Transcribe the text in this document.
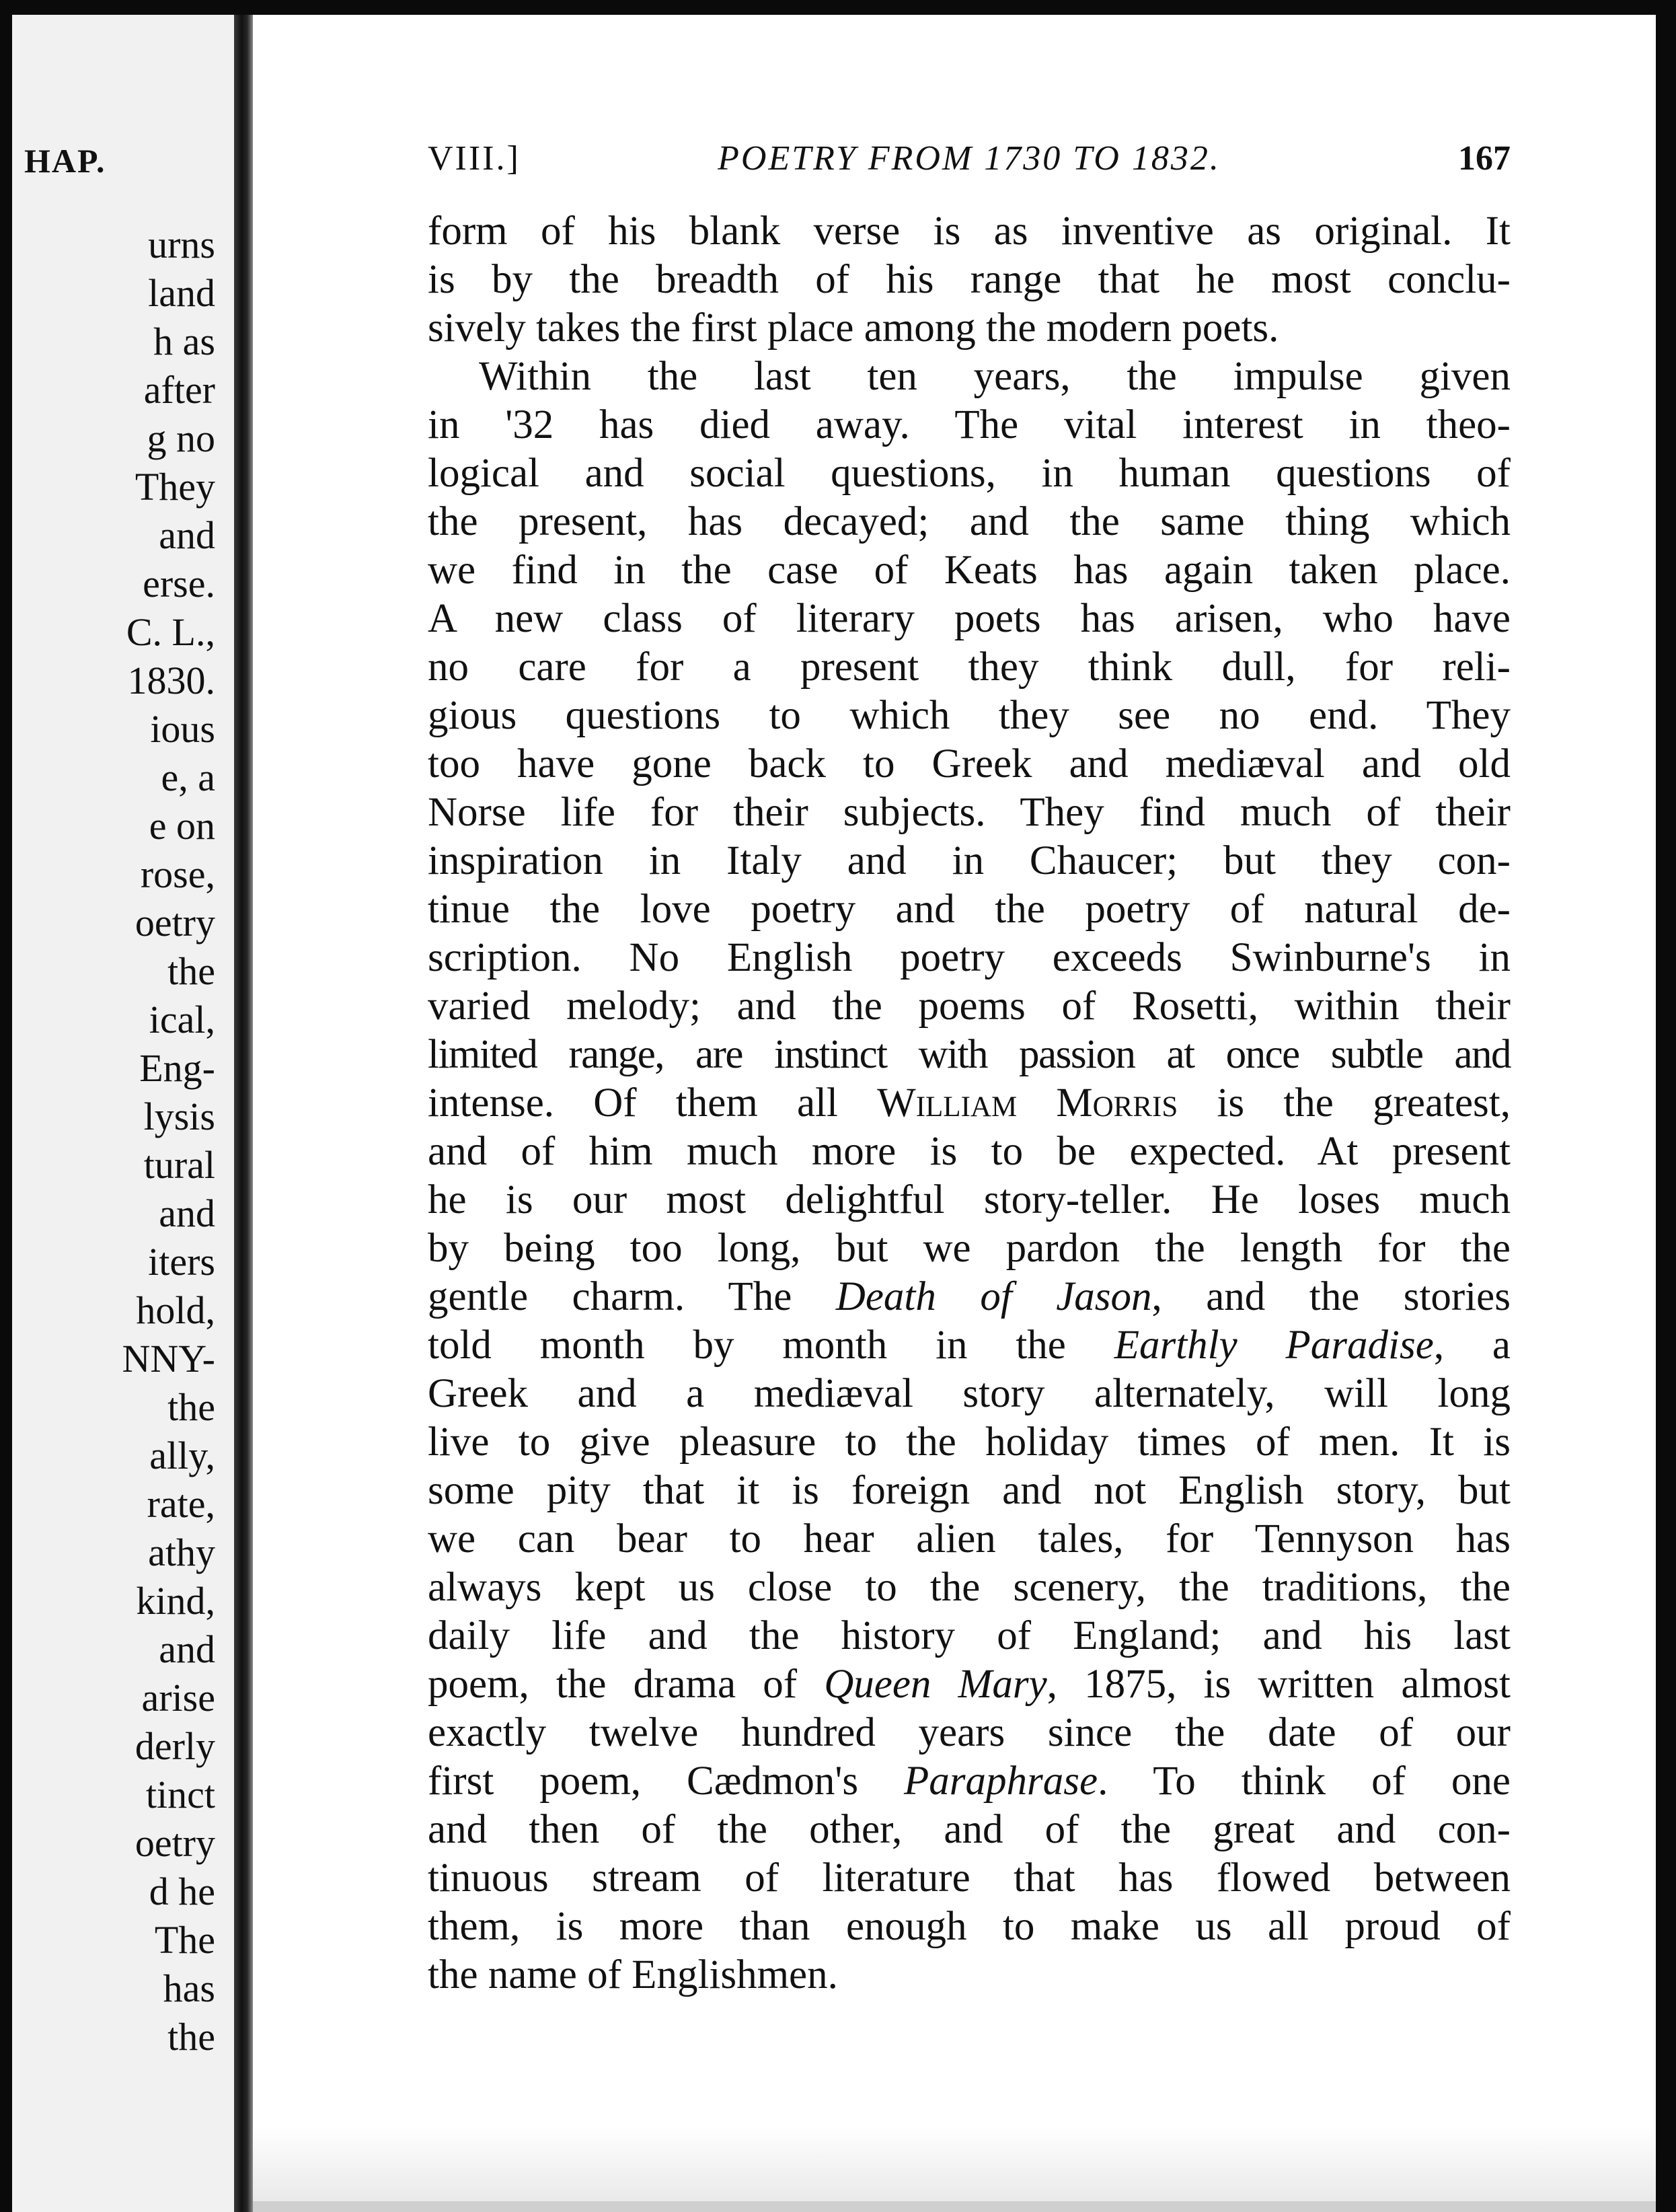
HAP.
urns
land
h as
after
g no
They
and
erse.
C. L.,
1830.
ious
e, a
e on
rose,
oetry
the
ical,
Eng-
lysis
tural
and
iters
hold,
NNY-
the
ally,
rate,
athy
kind,
and
arise
derly
tinct
oetry
d he
The
has
the
VIII.]	POETRY FROM 1730 TO 1832.	167
form of his blank verse is as inventive as original. It
is by the breadth of his range that he most conclu-
sively takes the first place among the modern poets.
Within the last ten years, the impulse given
in '32 has died away. The vital interest in theo-
logical and social questions, in human questions of
the present, has decayed; and the same thing which
we find in the case of Keats has again taken place.
A new class of literary poets has arisen, who have
no care for a present they think dull, for reli-
gious questions to which they see no end. They
too have gone back to Greek and mediæval and old
Norse life for their subjects. They find much of their
inspiration in Italy and in Chaucer; but they con-
tinue the love poetry and the poetry of natural de-
scription. No English poetry exceeds Swinburne's in
varied melody; and the poems of Rosetti, within their
limited range, are instinct with passion at once subtle and
intense. Of them all William Morris is the greatest,
and of him much more is to be expected. At present
he is our most delightful story-teller. He loses much
by being too long, but we pardon the length for the
gentle charm. The Death of Jason, and the stories
told month by month in the Earthly Paradise, a
Greek and a mediæval story alternately, will long
live to give pleasure to the holiday times of men. It is
some pity that it is foreign and not English story, but
we can bear to hear alien tales, for Tennyson has
always kept us close to the scenery, the traditions, the
daily life and the history of England; and his last
poem, the drama of Queen Mary, 1875, is written almost
exactly twelve hundred years since the date of our
first poem, Cædmon's Paraphrase. To think of one
and then of the other, and of the great and con-
tinuous stream of literature that has flowed between
them, is more than enough to make us all proud of
the name of Englishmen.
